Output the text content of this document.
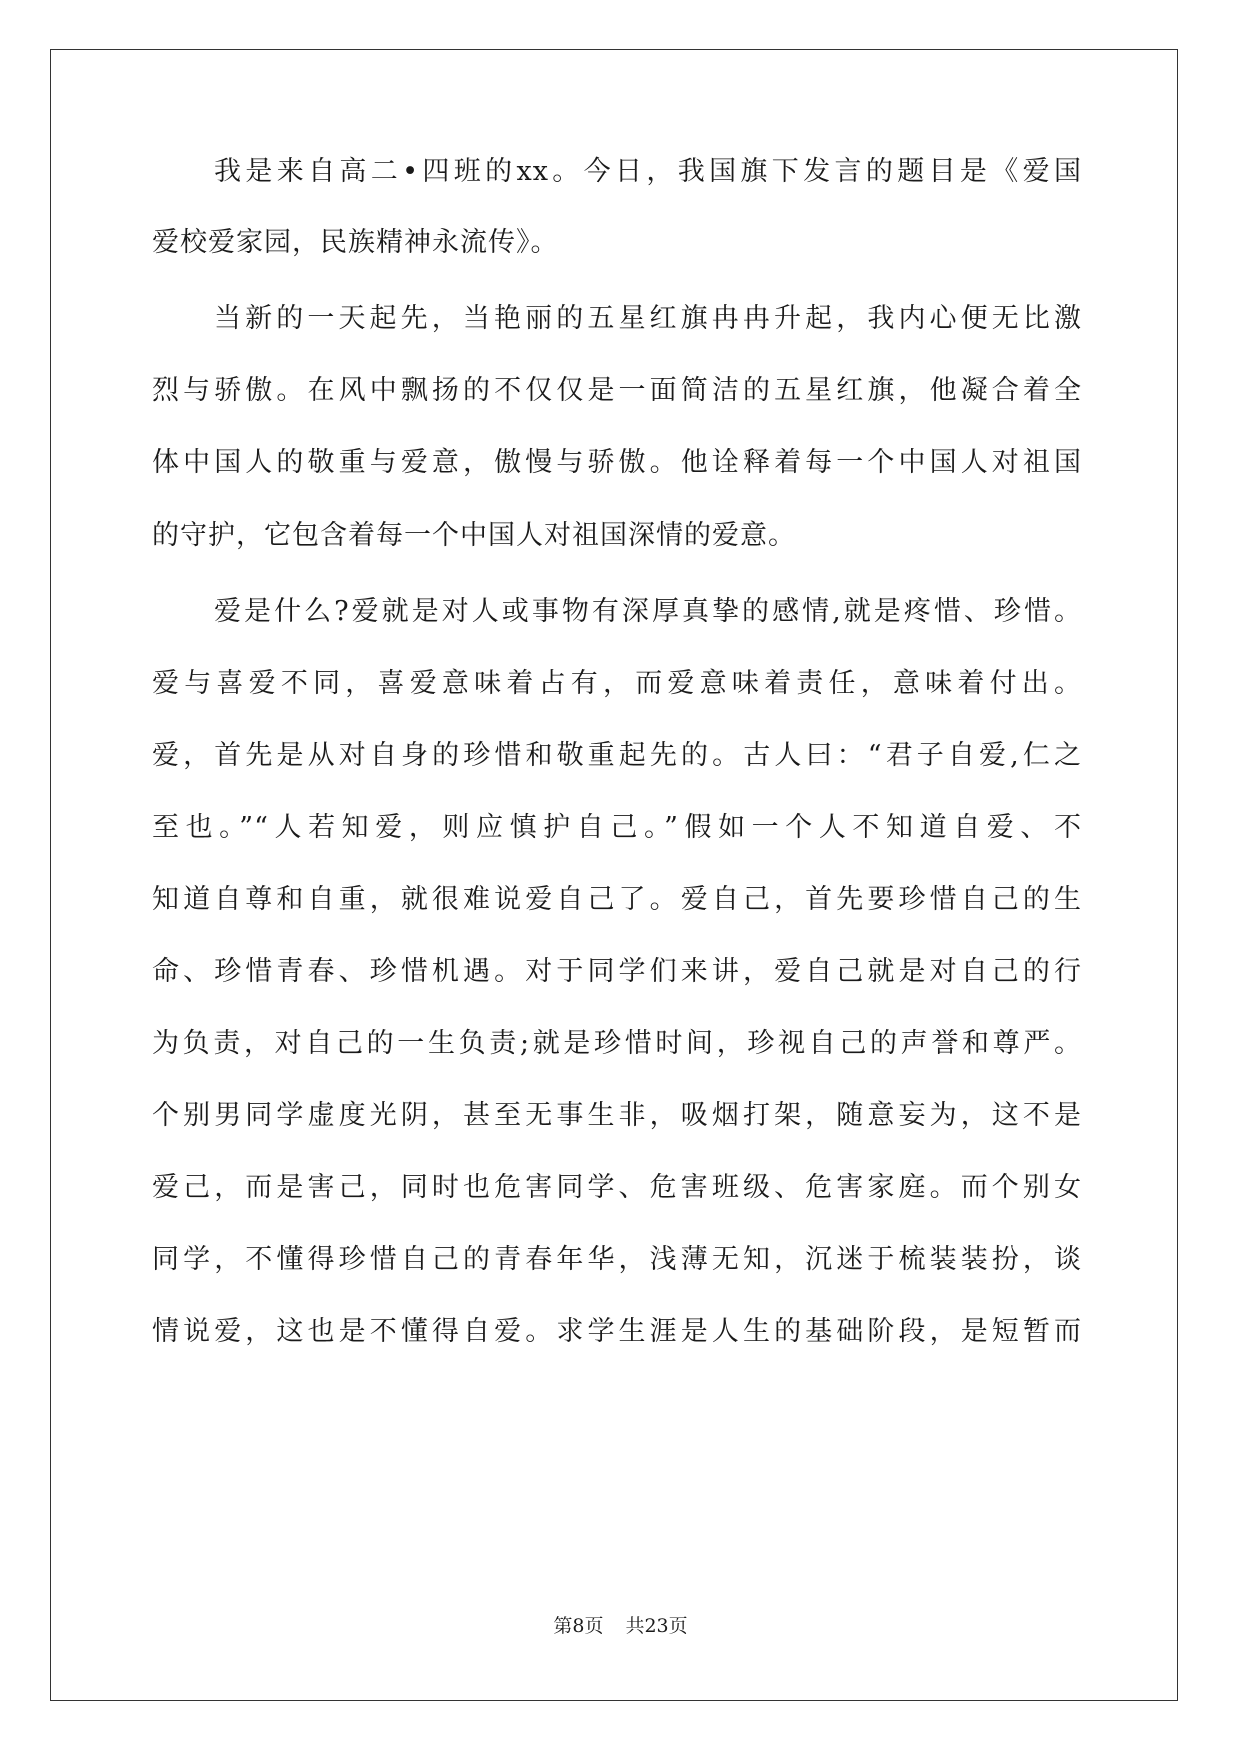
我是来自高二•四班的xx。今日，我国旗下发言的题目是《爱国
爱校爱家园，民族精神永流传》。
当新的一天起先，当艳丽的五星红旗冉冉升起，我内心便无比激
烈与骄傲。在风中飘扬的不仅仅是一面简洁的五星红旗，他凝合着全
体中国人的敬重与爱意，傲慢与骄傲。他诠释着每一个中国人对祖国
的守护，它包含着每一个中国人对祖国深情的爱意。
爱是什么?爱就是对人或事物有深厚真挚的感情,就是疼惜、珍惜。
爱与喜爱不同，喜爱意味着占有，而爱意味着责任，意味着付出。
爱，首先是从对自身的珍惜和敬重起先的。古人曰：“君子自爱,仁之
至也。”“人若知爱，则应慎护自己。”假如一个人不知道自爱、不
知道自尊和自重，就很难说爱自己了。爱自己，首先要珍惜自己的生
命、珍惜青春、珍惜机遇。对于同学们来讲，爱自己就是对自己的行
为负责，对自己的一生负责;就是珍惜时间，珍视自己的声誉和尊严。
个别男同学虚度光阴，甚至无事生非，吸烟打架，随意妄为，这不是
爱己，而是害己，同时也危害同学、危害班级、危害家庭。而个别女
同学，不懂得珍惜自己的青春年华，浅薄无知，沉迷于梳装装扮，谈
情说爱，这也是不懂得自爱。求学生涯是人生的基础阶段，是短暂而
第8页 共23页
